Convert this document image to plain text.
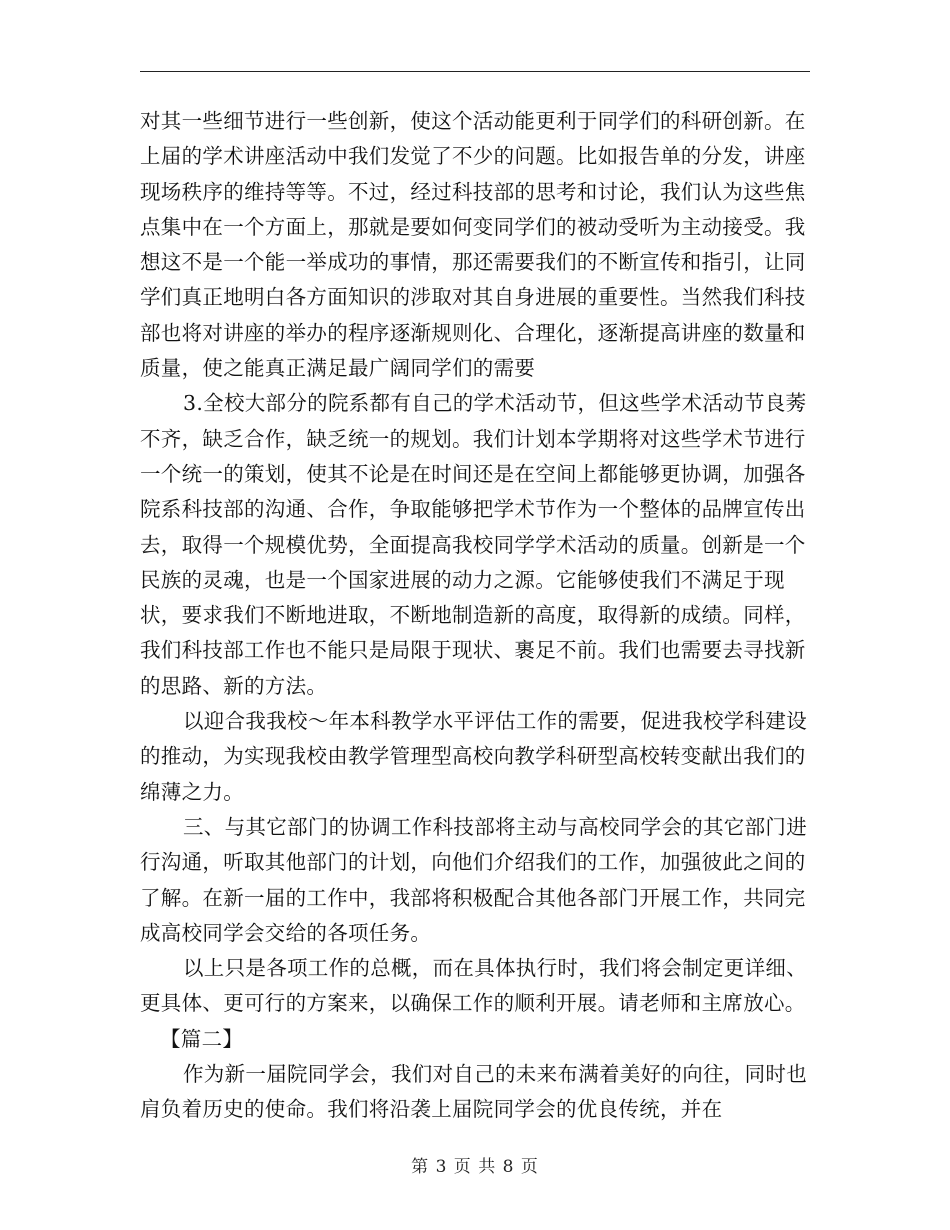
对其一些细节进行一些创新，使这个活动能更利于同学们的科研创新。在上届的学术讲座活动中我们发觉了不少的问题。比如报告单的分发，讲座现场秩序的维持等等。不过，经过科技部的思考和讨论，我们认为这些焦点集中在一个方面上，那就是要如何变同学们的被动受听为主动接受。我想这不是一个能一举成功的事情，那还需要我们的不断宣传和指引，让同学们真正地明白各方面知识的涉取对其自身进展的重要性。当然我们科技部也将对讲座的举办的程序逐渐规则化、合理化，逐渐提高讲座的数量和质量，使之能真正满足最广阔同学们的需要

3.全校大部分的院系都有自己的学术活动节，但这些学术活动节良莠不齐，缺乏合作，缺乏统一的规划。我们计划本学期将对这些学术节进行一个统一的策划，使其不论是在时间还是在空间上都能够更协调，加强各院系科技部的沟通、合作，争取能够把学术节作为一个整体的品牌宣传出去，取得一个规模优势，全面提高我校同学学术活动的质量。创新是一个民族的灵魂，也是一个国家进展的动力之源。它能够使我们不满足于现状，要求我们不断地进取，不断地制造新的高度，取得新的成绩。同样，我们科技部工作也不能只是局限于现状、裹足不前。我们也需要去寻找新的思路、新的方法。

以迎合我我校～年本科教学水平评估工作的需要，促进我校学科建设的推动，为实现我校由教学管理型高校向教学科研型高校转变献出我们的绵薄之力。

三、与其它部门的协调工作科技部将主动与高校同学会的其它部门进行沟通，听取其他部门的计划，向他们介绍我们的工作，加强彼此之间的了解。在新一届的工作中，我部将积极配合其他各部门开展工作，共同完成高校同学会交给的各项任务。

以上只是各项工作的总概，而在具体执行时，我们将会制定更详细、更具体、更可行的方案来，以确保工作的顺利开展。请老师和主席放心。

【篇二】

作为新一届院同学会，我们对自己的未来布满着美好的向往，同时也肩负着历史的使命。我们将沿袭上届院同学会的优良传统，并在

第 3 页 共 8 页
